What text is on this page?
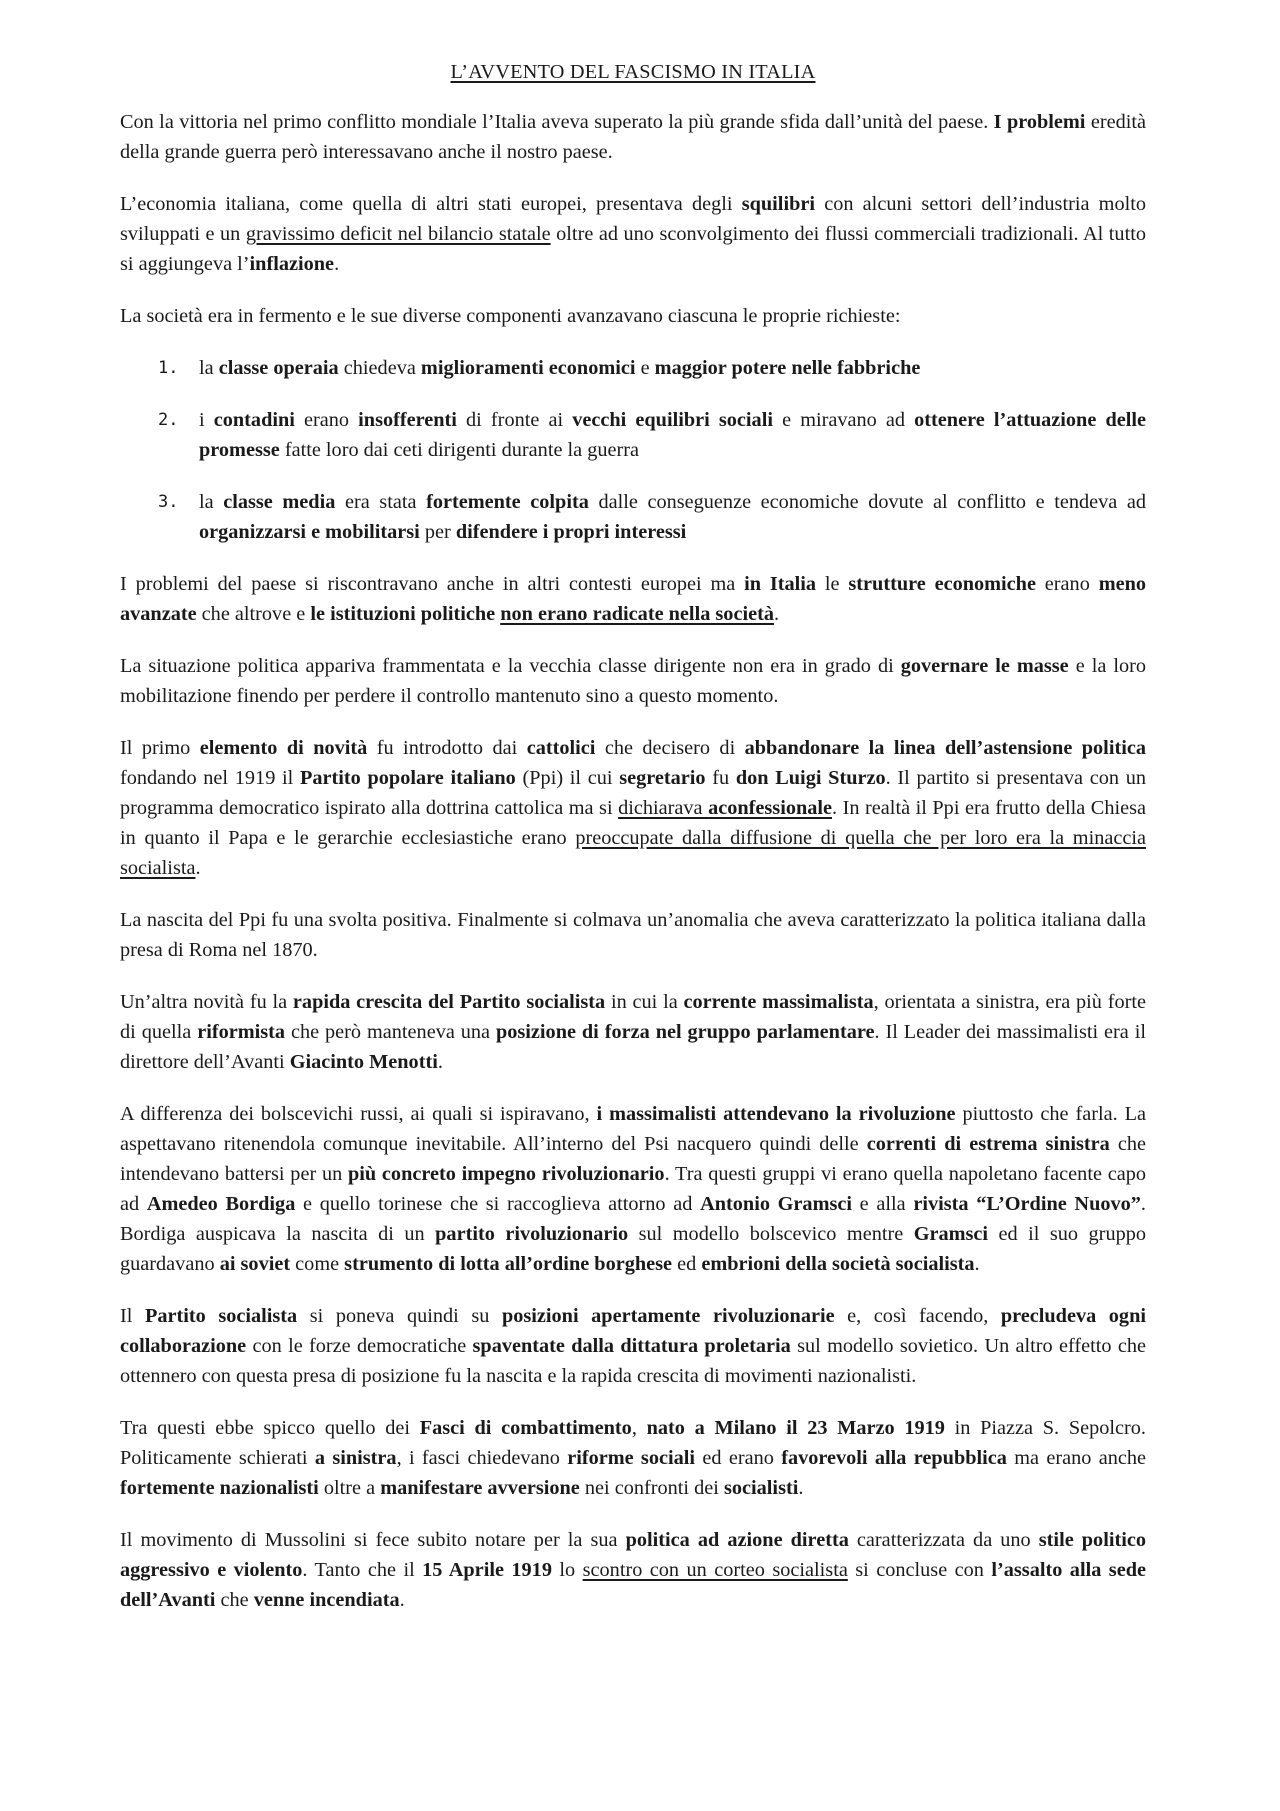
L’AVVENTO DEL FASCISMO IN ITALIA

Con la vittoria nel primo conflitto mondiale l’Italia aveva superato la più grande sfida dall’unità del paese. I problemi eredità della grande guerra però interessavano anche il nostro paese.

L’economia italiana, come quella di altri stati europei, presentava degli squilibri con alcuni settori dell’industria molto sviluppati e un gravissimo deficit nel bilancio statale oltre ad uno sconvolgimento dei flussi commerciali tradizionali. Al tutto si aggiungeva l’inflazione.

La società era in fermento e le sue diverse componenti avanzavano ciascuna le proprie richieste:

1. la classe operaia chiedeva miglioramenti economici e maggior potere nelle fabbriche
2. i contadini erano insofferenti di fronte ai vecchi equilibri sociali e miravano ad ottenere l’attuazione delle promesse fatte loro dai ceti dirigenti durante la guerra
3. la classe media era stata fortemente colpita dalle conseguenze economiche dovute al conflitto e tendeva ad organizzarsi e mobilitarsi per difendere i propri interessi

I problemi del paese si riscontravano anche in altri contesti europei ma in Italia le strutture economiche erano meno avanzate che altrove e le istituzioni politiche non erano radicate nella società.

La situazione politica appariva frammentata e la vecchia classe dirigente non era in grado di governare le masse e la loro mobilitazione finendo per perdere il controllo mantenuto sino a questo momento.

Il primo elemento di novità fu introdotto dai cattolici che decisero di abbandonare la linea dell’astensione politica fondando nel 1919 il Partito popolare italiano (Ppi) il cui segretario fu don Luigi Sturzo. Il partito si presentava con un programma democratico ispirato alla dottrina cattolica ma si dichiarava aconfessionale. In realtà il Ppi era frutto della Chiesa in quanto il Papa e le gerarchie ecclesiastiche erano preoccupate dalla diffusione di quella che per loro era la minaccia socialista.

La nascita del Ppi fu una svolta positiva. Finalmente si colmava un’anomalia che aveva caratterizzato la politica italiana dalla presa di Roma nel 1870.

Un’altra novità fu la rapida crescita del Partito socialista in cui la corrente massimalista, orientata a sinistra, era più forte di quella riformista che però manteneva una posizione di forza nel gruppo parlamentare. Il Leader dei massimalisti era il direttore dell’Avanti Giacinto Menotti.

A differenza dei bolscevichi russi, ai quali si ispiravano, i massimalisti attendevano la rivoluzione piuttosto che farla. La aspettavano ritenendola comunque inevitabile. All’interno del Psi nacquero quindi delle correnti di estrema sinistra che intendevano battersi per un più concreto impegno rivoluzionario. Tra questi gruppi vi erano quella napoletano facente capo ad Amedeo Bordiga e quello torinese che si raccoglieva attorno ad Antonio Gramsci e alla rivista “L’Ordine Nuovo”. Bordiga auspicava la nascita di un partito rivoluzionario sul modello bolscevico mentre Gramsci ed il suo gruppo guardavano ai soviet come strumento di lotta all’ordine borghese ed embrioni della società socialista.

Il Partito socialista si poneva quindi su posizioni apertamente rivoluzionarie e, così facendo, precludeva ogni collaborazione con le forze democratiche spaventate dalla dittatura proletaria sul modello sovietico. Un altro effetto che ottennero con questa presa di posizione fu la nascita e la rapida crescita di movimenti nazionalisti.

Tra questi ebbe spicco quello dei Fasci di combattimento, nato a Milano il 23 Marzo 1919 in Piazza S. Sepolcro. Politicamente schierati a sinistra, i fasci chiedevano riforme sociali ed erano favorevoli alla repubblica ma erano anche fortemente nazionalisti oltre a manifestare avversione nei confronti dei socialisti.

Il movimento di Mussolini si fece subito notare per la sua politica ad azione diretta caratterizzata da uno stile politico aggressivo e violento. Tanto che il 15 Aprile 1919 lo scontro con un corteo socialista si concluse con l’assalto alla sede dell’Avanti che venne incendiata.
